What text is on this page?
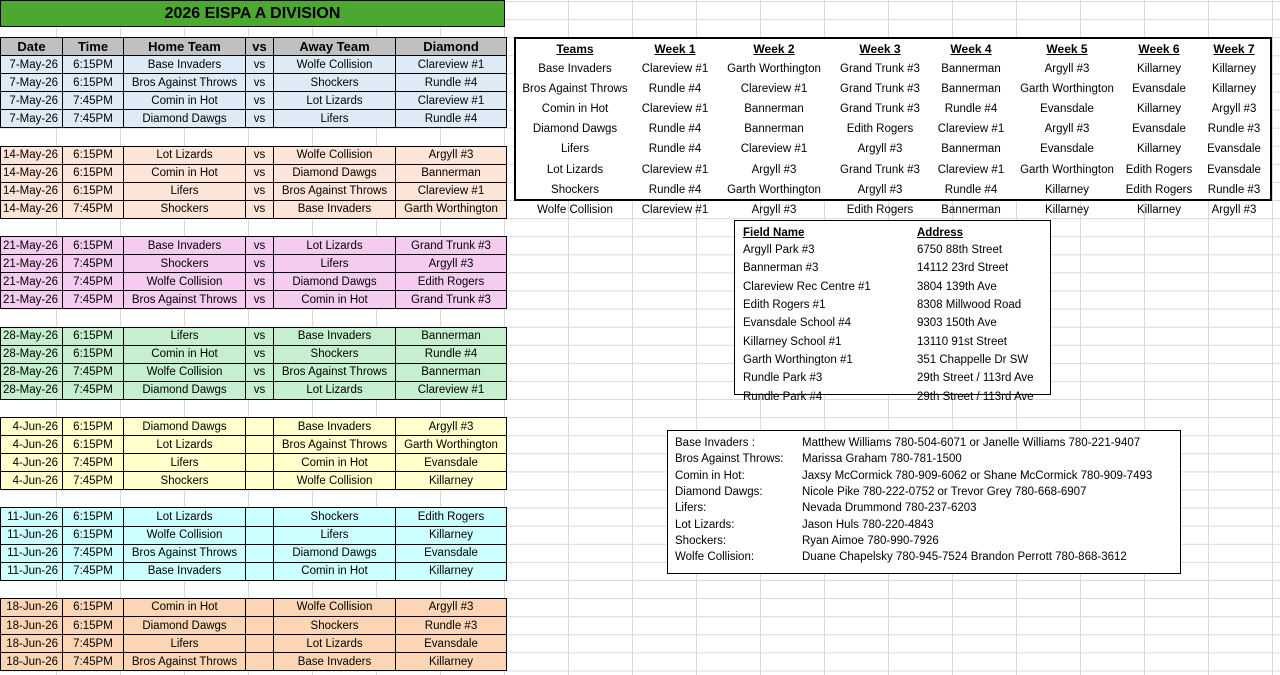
2026 EISPA A DIVISION
Date	Time	Home Team	vs	Away Team	Diamond
7-May-26	6:15PM	Base Invaders	vs	Wolfe Collision	Clareview #1
7-May-26	6:15PM	Bros Against Throws	vs	Shockers	Rundle #4
7-May-26	7:45PM	Comin in Hot	vs	Lot Lizards	Clareview #1
7-May-26	7:45PM	Diamond Dawgs	vs	Lifers	Rundle #4

14-May-26	6:15PM	Lot Lizards	vs	Wolfe Collision	Argyll #3
14-May-26	6:15PM	Comin in Hot	vs	Diamond Dawgs	Bannerman
14-May-26	6:15PM	Lifers	vs	Bros Against Throws	Clareview #1
14-May-26	7:45PM	Shockers	vs	Base Invaders	Garth Worthington

21-May-26	6:15PM	Base Invaders	vs	Lot Lizards	Grand Trunk #3
21-May-26	7:45PM	Shockers	vs	Lifers	Argyll #3
21-May-26	7:45PM	Wolfe Collision	vs	Diamond Dawgs	Edith Rogers
21-May-26	7:45PM	Bros Against Throws	vs	Comin in Hot	Grand Trunk #3

28-May-26	6:15PM	Lifers	vs	Base Invaders	Bannerman
28-May-26	6:15PM	Comin in Hot	vs	Shockers	Rundle #4
28-May-26	7:45PM	Wolfe Collision	vs	Bros Against Throws	Bannerman
28-May-26	7:45PM	Diamond Dawgs	vs	Lot Lizards	Clareview #1

4-Jun-26	6:15PM	Diamond Dawgs		Base Invaders	Argyll #3
4-Jun-26	6:15PM	Lot Lizards		Bros Against Throws	Garth Worthington
4-Jun-26	7:45PM	Lifers		Comin in Hot	Evansdale
4-Jun-26	7:45PM	Shockers		Wolfe Collision	Killarney

11-Jun-26	6:15PM	Lot Lizards		Shockers	Edith Rogers
11-Jun-26	6:15PM	Wolfe Collision		Lifers	Killarney
11-Jun-26	7:45PM	Bros Against Throws		Diamond Dawgs	Evansdale
11-Jun-26	7:45PM	Base Invaders		Comin in Hot	Killarney

18-Jun-26	6:15PM	Comin in Hot		Wolfe Collision	Argyll #3
18-Jun-26	6:15PM	Diamond Dawgs		Shockers	Rundle #3
18-Jun-26	7:45PM	Lifers		Lot Lizards	Evansdale
18-Jun-26	7:45PM	Bros Against Throws		Base Invaders	Killarney
Teams	Week 1	Week 2	Week 3	Week 4	Week 5	Week 6	Week 7
Base Invaders	Clareview #1	Garth Worthington	Grand Trunk #3	Bannerman	Argyll #3	Killarney	Killarney
Bros Against Throws	Rundle #4	Clareview #1	Grand Trunk #3	Bannerman	Garth Worthington	Evansdale	Killarney
Comin in Hot	Clareview #1	Bannerman	Grand Trunk #3	Rundle #4	Evansdale	Killarney	Argyll #3
Diamond Dawgs	Rundle #4	Bannerman	Edith Rogers	Clareview #1	Argyll #3	Evansdale	Rundle #3
Lifers	Rundle #4	Clareview #1	Argyll #3	Bannerman	Evansdale	Killarney	Evansdale
Lot Lizards	Clareview #1	Argyll #3	Grand Trunk #3	Clareview #1	Garth Worthington	Edith Rogers	Evansdale
Shockers	Rundle #4	Garth Worthington	Argyll #3	Rundle #4	Killarney	Edith Rogers	Rundle #3
Wolfe Collision	Clareview #1	Argyll #3	Edith Rogers	Bannerman	Killarney	Killarney	Argyll #3
Field Name	Address
Argyll Park #3	6750 88th Street
Bannerman #3	14112 23rd Street
Clareview Rec Centre #1	3804 139th Ave
Edith Rogers #1	8308 Millwood Road
Evansdale School #4	9303 150th Ave
Killarney School #1	13110 91st Street
Garth Worthington #1	351 Chappelle Dr SW
Rundle Park #3	29th Street / 113rd Ave
Rundle Park #4	29th Street / 113rd Ave
Base Invaders :	Matthew Williams 780-504-6071 or Janelle Williams 780-221-9407
Bros Against Throws:	Marissa Graham 780-781-1500
Comin in Hot:	Jaxsy McCormick 780-909-6062 or Shane McCormick 780-909-7493
Diamond Dawgs:	Nicole Pike 780-222-0752 or Trevor Grey 780-668-6907
Lifers:	Nevada Drummond 780-237-6203
Lot Lizards:	Jason Huls 780-220-4843
Shockers:	Ryan Aimoe 780-990-7926
Wolfe Collision:	Duane Chapelsky 780-945-7524 Brandon Perrott 780-868-3612
